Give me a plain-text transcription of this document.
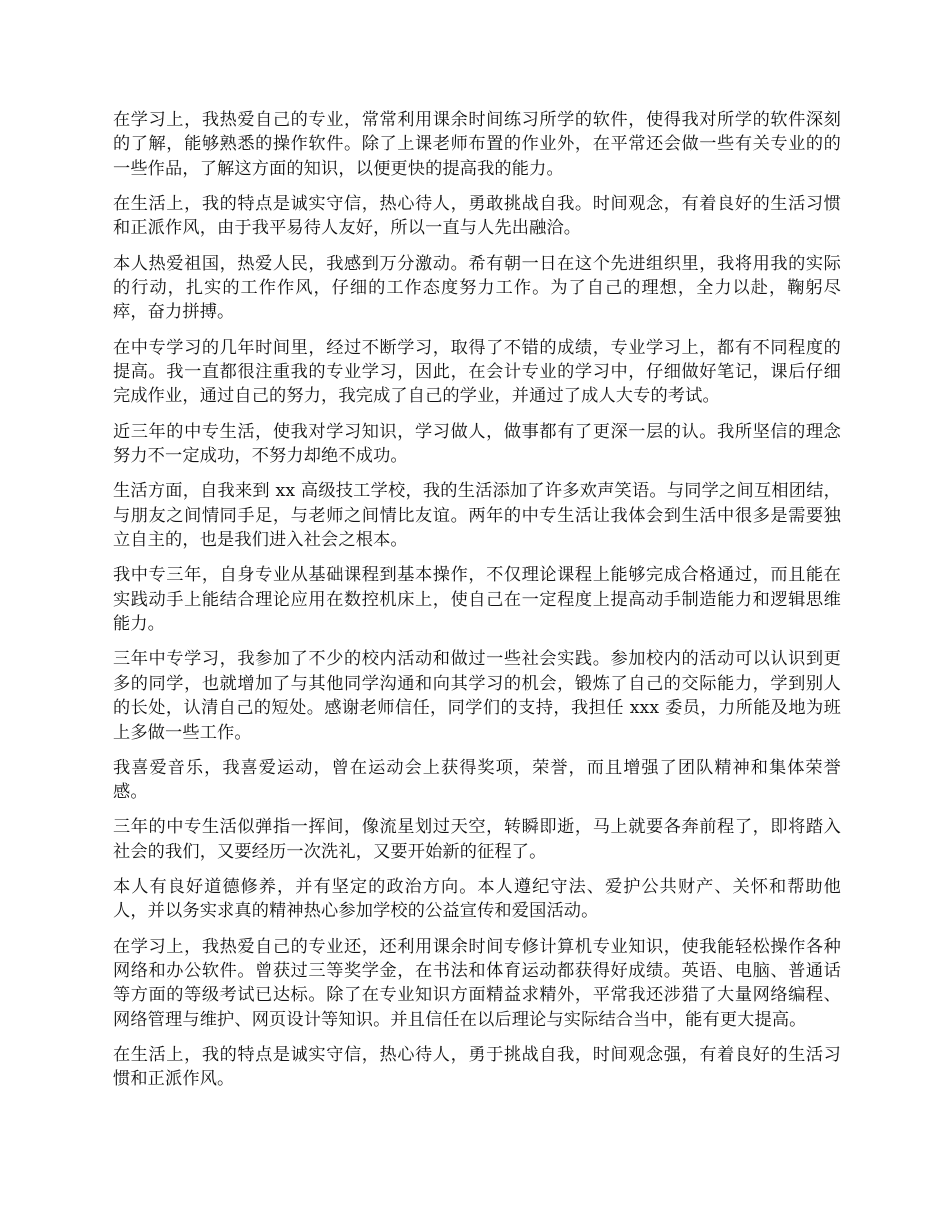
在学习上，我热爱自己的专业，常常利用课余时间练习所学的软件，使得我对所学的软件深刻的了解，能够熟悉的操作软件。除了上课老师布置的作业外，在平常还会做一些有关专业的的一些作品，了解这方面的知识，以便更快的提高我的能力。

在生活上，我的特点是诚实守信，热心待人，勇敢挑战自我。时间观念，有着良好的生活习惯和正派作风，由于我平易待人友好，所以一直与人先出融洽。

本人热爱祖国，热爱人民，我感到万分激动。希有朝一日在这个先进组织里，我将用我的实际的行动，扎实的工作作风，仔细的工作态度努力工作。为了自己的理想，全力以赴，鞠躬尽瘁，奋力拼搏。

在中专学习的几年时间里，经过不断学习，取得了不错的成绩，专业学习上，都有不同程度的提高。我一直都很注重我的专业学习，因此，在会计专业的学习中，仔细做好笔记，课后仔细完成作业，通过自己的努力，我完成了自己的学业，并通过了成人大专的考试。

近三年的中专生活，使我对学习知识，学习做人，做事都有了更深一层的认。我所坚信的理念努力不一定成功，不努力却绝不成功。

生活方面，自我来到 xx 高级技工学校，我的生活添加了许多欢声笑语。与同学之间互相团结，与朋友之间情同手足，与老师之间情比友谊。两年的中专生活让我体会到生活中很多是需要独立自主的，也是我们进入社会之根本。

我中专三年，自身专业从基础课程到基本操作，不仅理论课程上能够完成合格通过，而且能在实践动手上能结合理论应用在数控机床上，使自己在一定程度上提高动手制造能力和逻辑思维能力。

三年中专学习，我参加了不少的校内活动和做过一些社会实践。参加校内的活动可以认识到更多的同学，也就增加了与其他同学沟通和向其学习的机会，锻炼了自己的交际能力，学到别人的长处，认清自己的短处。感谢老师信任，同学们的支持，我担任 xxx 委员，力所能及地为班上多做一些工作。

我喜爱音乐，我喜爱运动，曾在运动会上获得奖项，荣誉，而且增强了团队精神和集体荣誉感。

三年的中专生活似弹指一挥间，像流星划过天空，转瞬即逝，马上就要各奔前程了，即将踏入社会的我们，又要经历一次洗礼，又要开始新的征程了。

本人有良好道德修养，并有坚定的政治方向。本人遵纪守法、爱护公共财产、关怀和帮助他人，并以务实求真的精神热心参加学校的公益宣传和爱国活动。

在学习上，我热爱自己的专业还，还利用课余时间专修计算机专业知识，使我能轻松操作各种网络和办公软件。曾获过三等奖学金，在书法和体育运动都获得好成绩。英语、电脑、普通话等方面的等级考试已达标。除了在专业知识方面精益求精外，平常我还涉猎了大量网络编程、网络管理与维护、网页设计等知识。并且信任在以后理论与实际结合当中，能有更大提高。

在生活上，我的特点是诚实守信，热心待人，勇于挑战自我，时间观念强，有着良好的生活习惯和正派作风。
